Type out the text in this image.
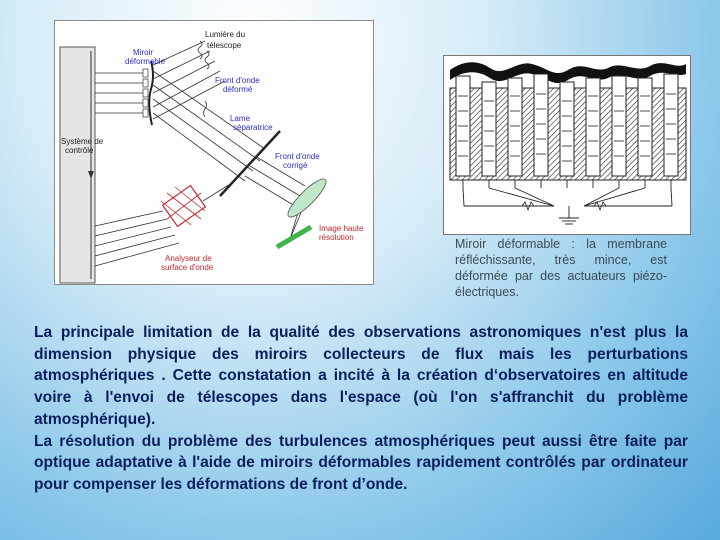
Lumière du
télescope
Miroir
déformable
Front d'onde
déformé
Lame
séparatrice
Système de
contrôle
Front d'onde
corrigé
Image haute
résolution
Analyseur de
surface d'onde
Miroir déformable : la membrane réfléchissante, très mince, est déformée par des actuateurs piézo-électriques.
La principale limitation de la qualité des observations astronomiques n'est plus la dimension physique des miroirs collecteurs de flux mais les perturbations atmosphériques . Cette constatation a incité à la création d‘observatoires en altitude voire à l'envoi de télescopes dans l'espace (où l'on s'affranchit du problème atmosphérique).
La résolution du problème des turbulences atmosphériques peut aussi être faite par optique adaptative à l'aide de miroirs déformables rapidement contrôlés par ordinateur pour compenser les déformations de front d’onde.
